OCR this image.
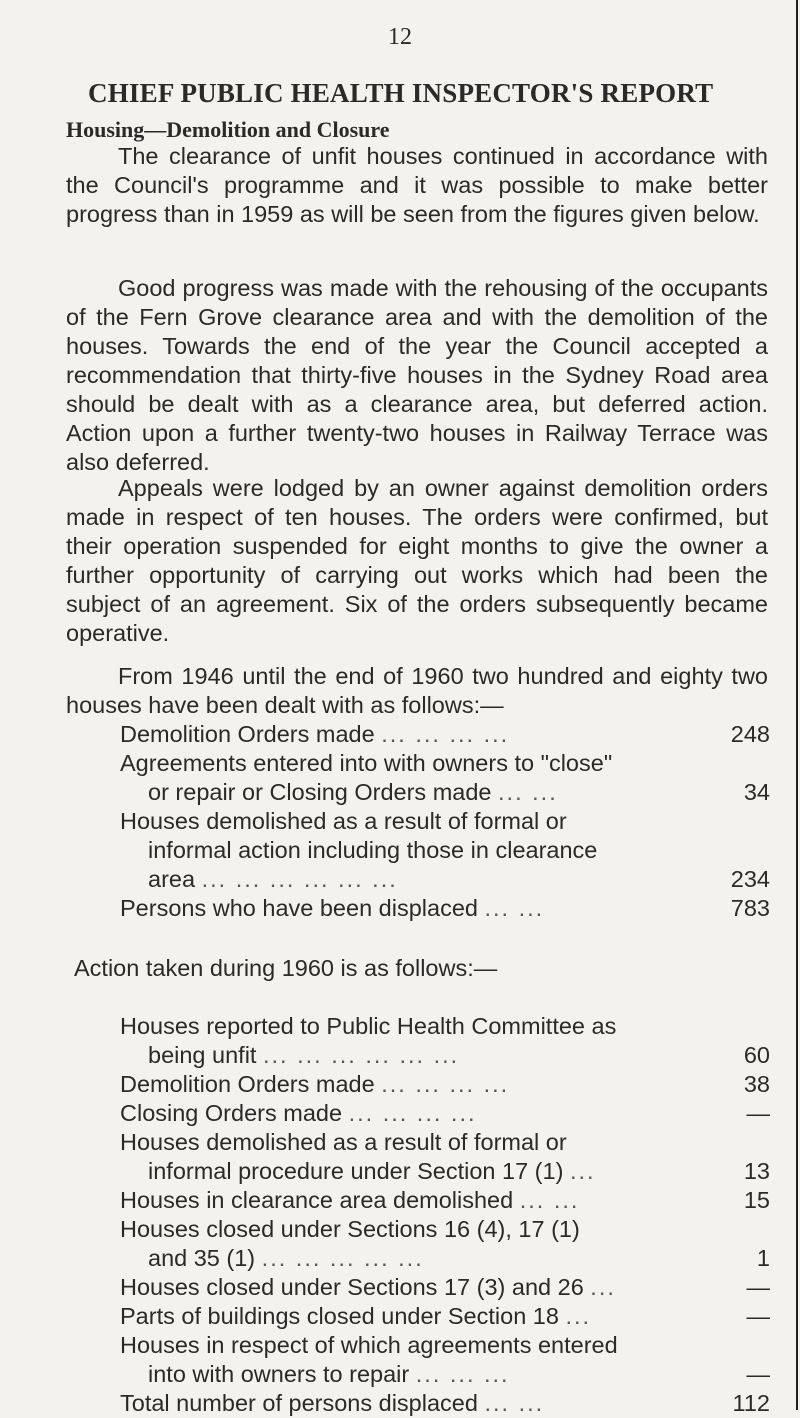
12
CHIEF PUBLIC HEALTH INSPECTOR'S REPORT
Housing—Demolition and Closure

The clearance of unfit houses continued in accordance with the Council's programme and it was possible to make better progress than in 1959 as will be seen from the figures given below.

Good progress was made with the rehousing of the occupants of the Fern Grove clearance area and with the demolition of the houses. Towards the end of the year the Council accepted a recommendation that thirty-five houses in the Sydney Road area should be dealt with as a clearance area, but deferred action. Action upon a further twenty-two houses in Railway Terrace was also deferred.

Appeals were lodged by an owner against demolition orders made in respect of ten houses. The orders were confirmed, but their operation suspended for eight months to give the owner a further opportunity of carrying out works which had been the subject of an agreement. Six of the orders subsequently became operative.

From 1946 until the end of 1960 two hundred and eighty two houses have been dealt with as follows:—

Demolition Orders made ... ... ... ...	248
Agreements entered into with owners to "close"
or repair or Closing Orders made ... ...	34
Houses demolished as a result of formal or
informal action including those in clearance
area ... ... ... ... ... ...	234
Persons who have been displaced ... ...	783

Action taken during 1960 is as follows:—

Houses reported to Public Health Committee as
being unfit ... ... ... ... ... ...	60
Demolition Orders made ... ... ... ...	38
Closing Orders made ... ... ... ...	—
Houses demolished as a result of formal or
informal procedure under Section 17 (1) ...	13
Houses in clearance area demolished ... ...	15
Houses closed under Sections 16 (4), 17 (1)
and 35 (1) ... ... ... ... ...	1
Houses closed under Sections 17 (3) and 26 ...	—
Parts of buildings closed under Section 18 ...	—
Houses in respect of which agreements entered
into with owners to repair ... ... ...	—
Total number of persons displaced ... ...	112
